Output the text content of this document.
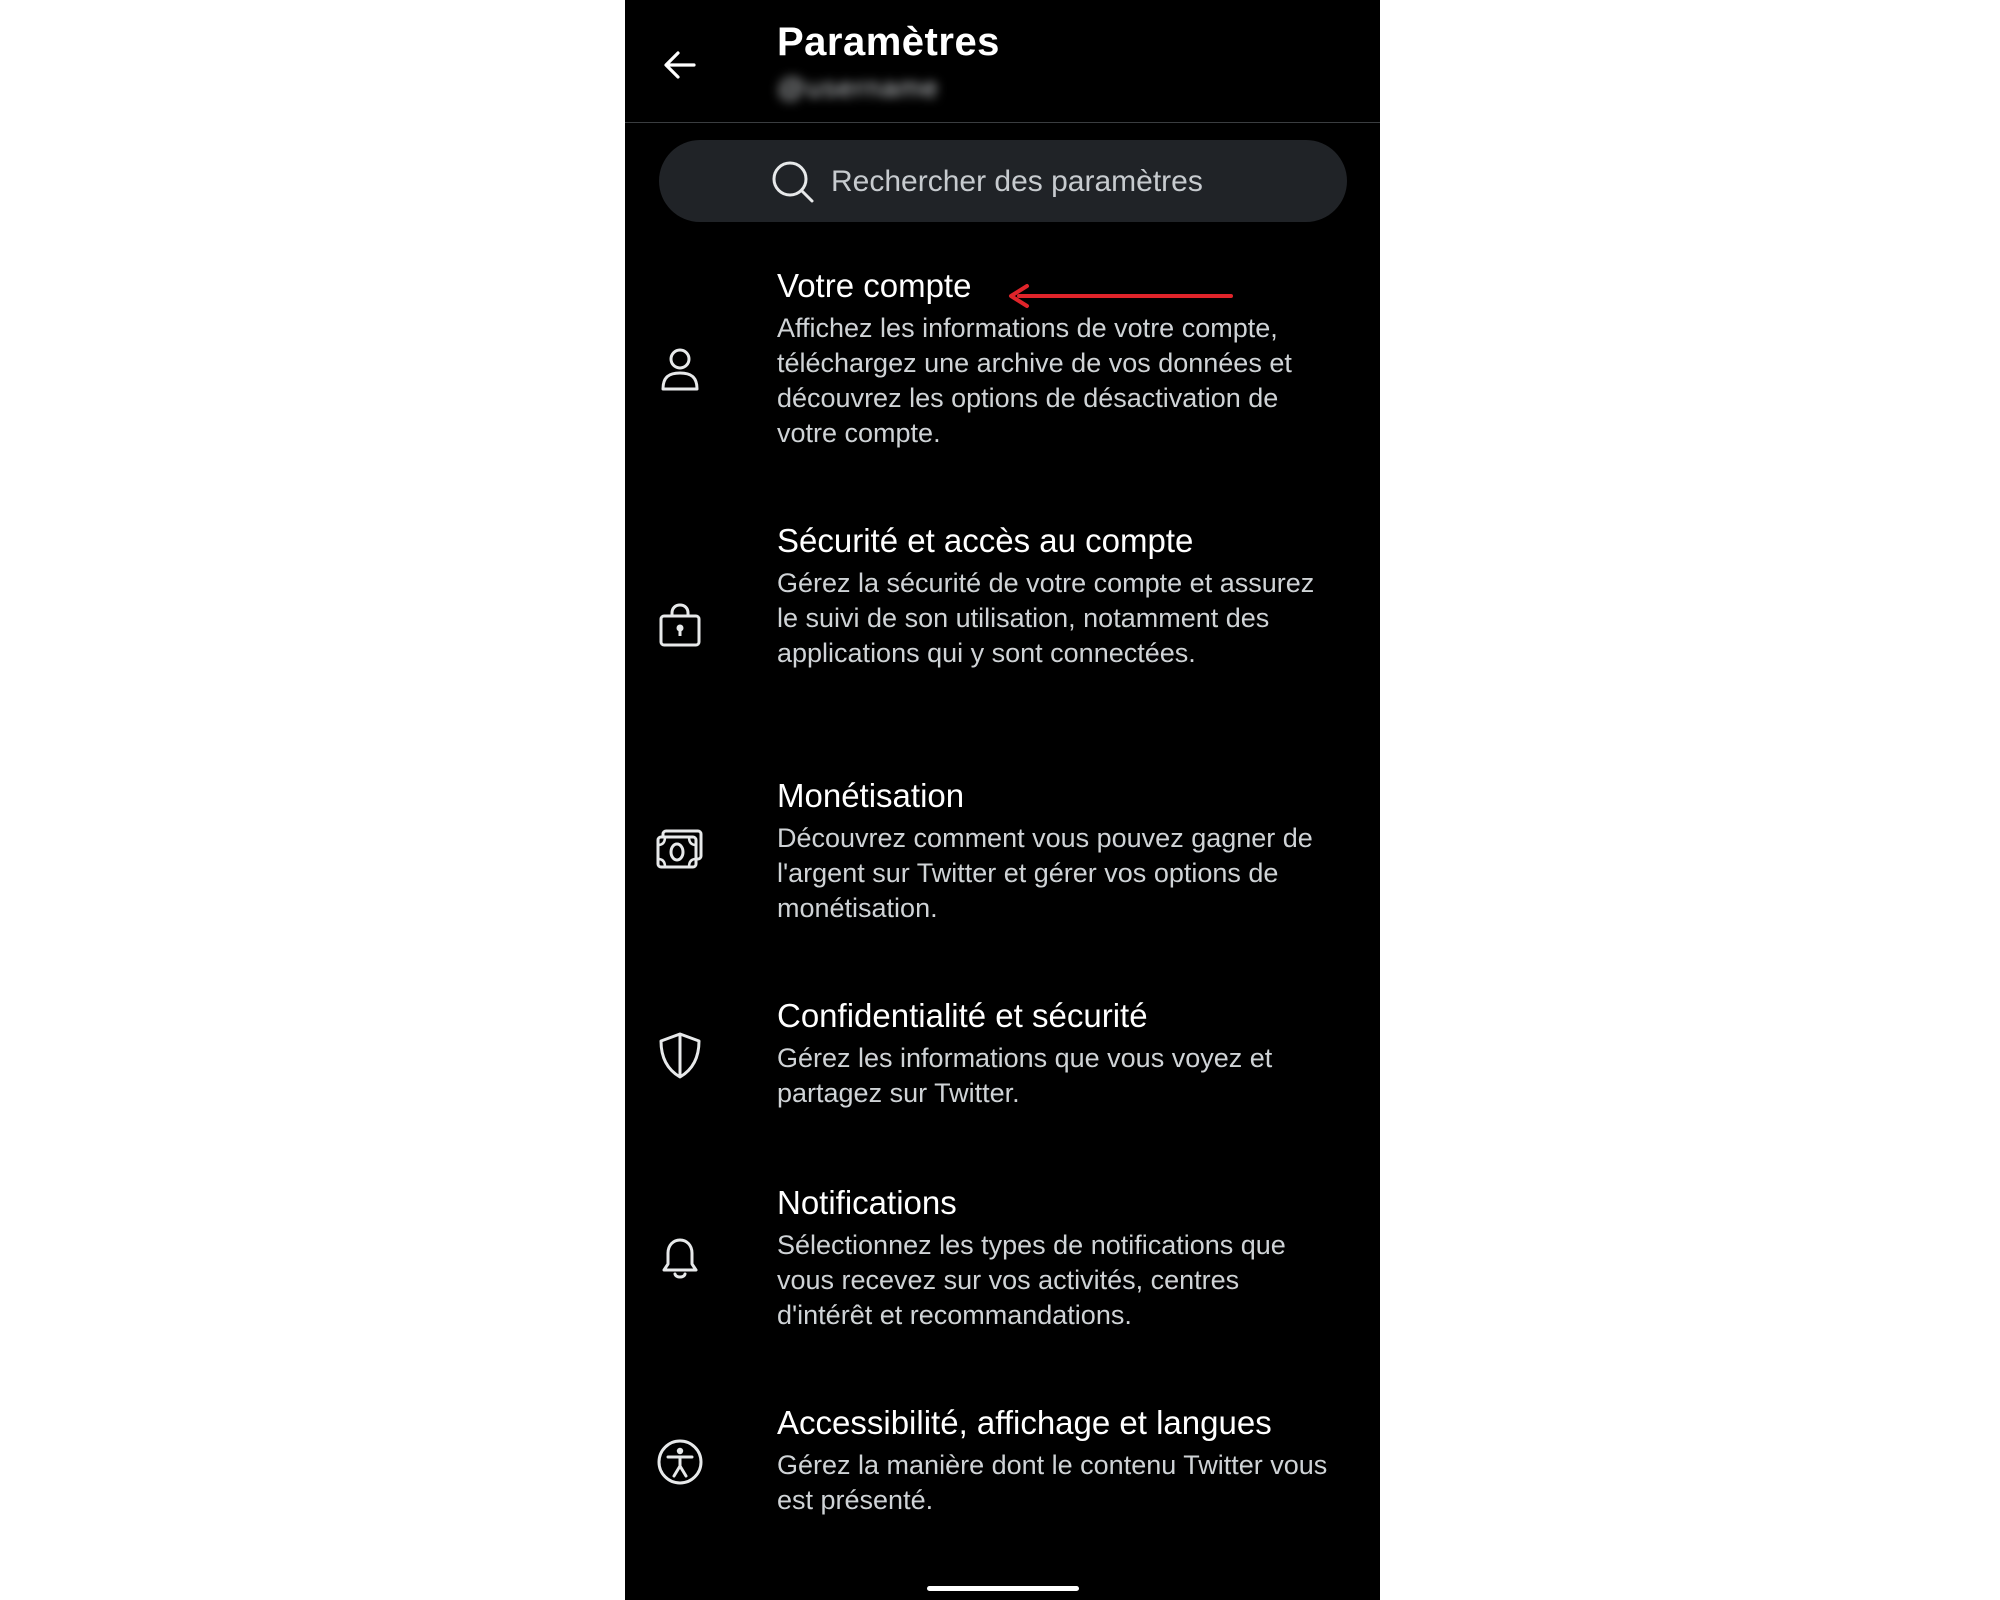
Paramètres
@username
Rechercher des paramètres
Votre compte
Affichez les informations de votre compte, téléchargez une archive de vos données et découvrez les options de désactivation de votre compte.
Sécurité et accès au compte
Gérez la sécurité de votre compte et assurez le suivi de son utilisation, notamment des applications qui y sont connectées.
Monétisation
Découvrez comment vous pouvez gagner de l'argent sur Twitter et gérer vos options de monétisation.
Confidentialité et sécurité
Gérez les informations que vous voyez et partagez sur Twitter.
Notifications
Sélectionnez les types de notifications que vous recevez sur vos activités, centres d'intérêt et recommandations.
Accessibilité, affichage et langues
Gérez la manière dont le contenu Twitter vous est présenté.
